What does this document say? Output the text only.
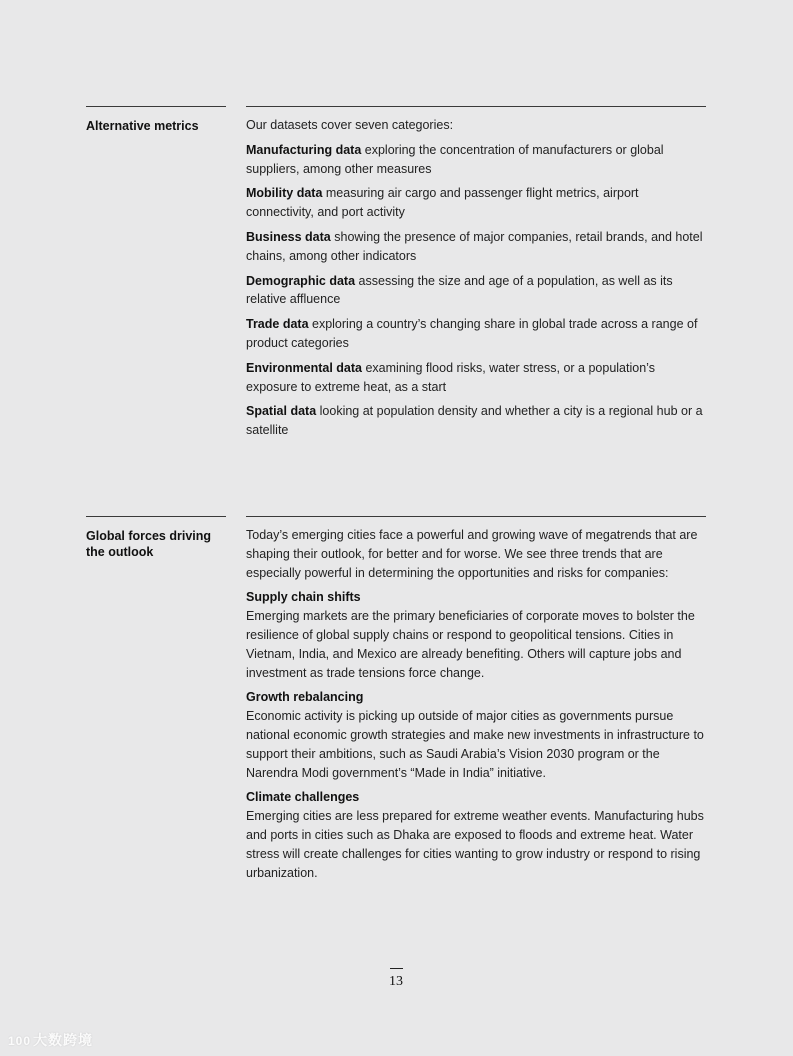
Alternative metrics	Our datasets cover seven categories:

Manufacturing data exploring the concentration of manufacturers or global suppliers, among other measures

Mobility data measuring air cargo and passenger flight metrics, airport connectivity, and port activity

Business data showing the presence of major companies, retail brands, and hotel chains, among other indicators

Demographic data assessing the size and age of a population, as well as its relative affluence

Trade data exploring a country’s changing share in global trade across a range of product categories

Environmental data examining flood risks, water stress, or a population’s exposure to extreme heat, as a start

Spatial data looking at population density and whether a city is a regional hub or a satellite

Global forces driving the outlook

Today’s emerging cities face a powerful and growing wave of megatrends that are shaping their outlook, for better and for worse. We see three trends that are especially powerful in determining the opportunities and risks for companies:

Supply chain shifts
Emerging markets are the primary beneficiaries of corporate moves to bolster the resilience of global supply chains or respond to geopolitical tensions. Cities in Vietnam, India, and Mexico are already benefiting. Others will capture jobs and investment as trade tensions force change.
Growth rebalancing
Economic activity is picking up outside of major cities as governments pursue national economic growth strategies and make new investments in infrastructure to support their ambitions, such as Saudi Arabia’s Vision 2030 program or the Narendra Modi government’s “Made in India” initiative.
Climate challenges
Emerging cities are less prepared for extreme weather events. Manufacturing hubs and ports in cities such as Dhaka are exposed to floods and extreme heat. Water stress will create challenges for cities wanting to grow industry or respond to rising urbanization.
13
100 大数跨境
